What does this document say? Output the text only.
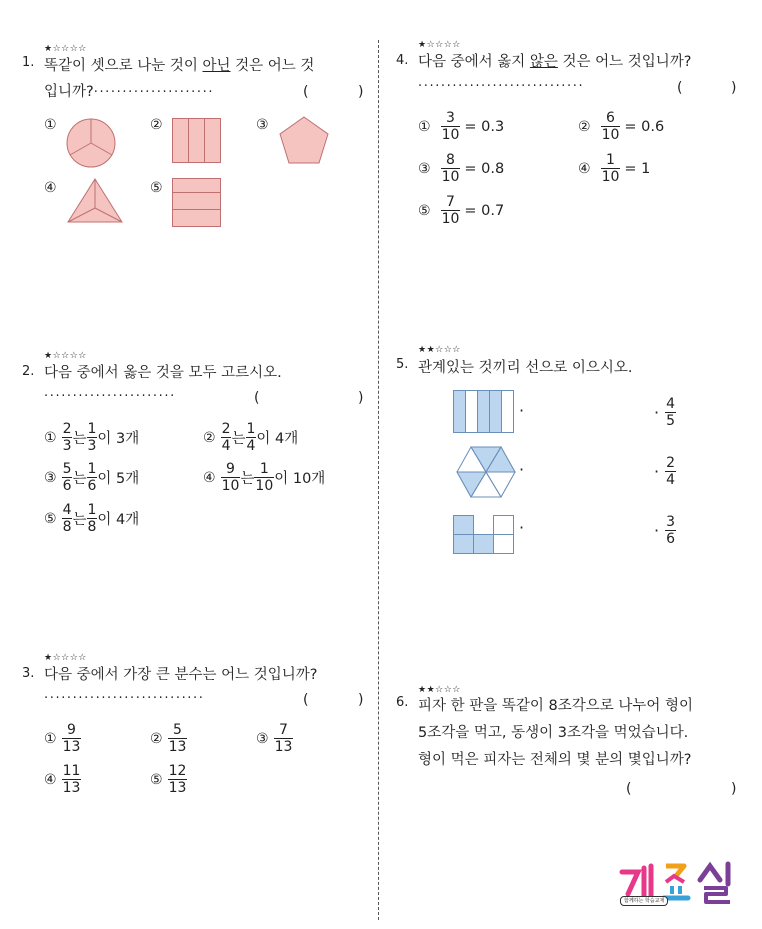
★☆☆☆☆
1. 똑같이 셋으로 나눈 것이 아닌 것은 어느 것
입니까?·····················	(	)
①	②	③
④	⑤
★☆☆☆☆
2. 다음 중에서 옳은 것을 모두 고르시오.
·······················	(	)
① $\frac{2}{3}$ 는 $\frac{1}{3}$ 이 3개	② $\frac{2}{4}$ 는 $\frac{1}{4}$ 이 4개
③ $\frac{5}{6}$ 는 $\frac{1}{6}$ 이 5개	④ $\frac{9}{10}$ 는 $\frac{1}{10}$ 이 10개
⑤ $\frac{4}{8}$ 는 $\frac{1}{8}$ 이 4개
★☆☆☆☆
3. 다음 중에서 가장 큰 분수는 어느 것입니까?
····························	(	)
① $\frac{9}{13}$	② $\frac{5}{13}$	③ $\frac{7}{13}$
④ $\frac{11}{13}$	⑤ $\frac{12}{13}$
★☆☆☆☆
4. 다음 중에서 옳지 않은 것은 어느 것입니까?
·····························	(	)
① $\frac{3}{10} = 0.3$	② $\frac{6}{10} = 0.6$
③ $\frac{8}{10} = 0.8$	④ $\frac{1}{10} = 1$
⑤ $\frac{7}{10} = 0.7$
★★☆☆☆
5. 관계있는 것끼리 선으로 이으시오.
·
·
·
· $\frac{4}{5}$
· $\frac{2}{4}$
· $\frac{3}{6}$
★★☆☆☆
6. 피자 한 판을 똑같이 8조각으로 나누어 형이
5조각을 먹고, 동생이 3조각을 먹었습니다.
형이 먹은 피자는 전체의 몇 분의 몇입니까?
(	)
함께하는 학습교재
